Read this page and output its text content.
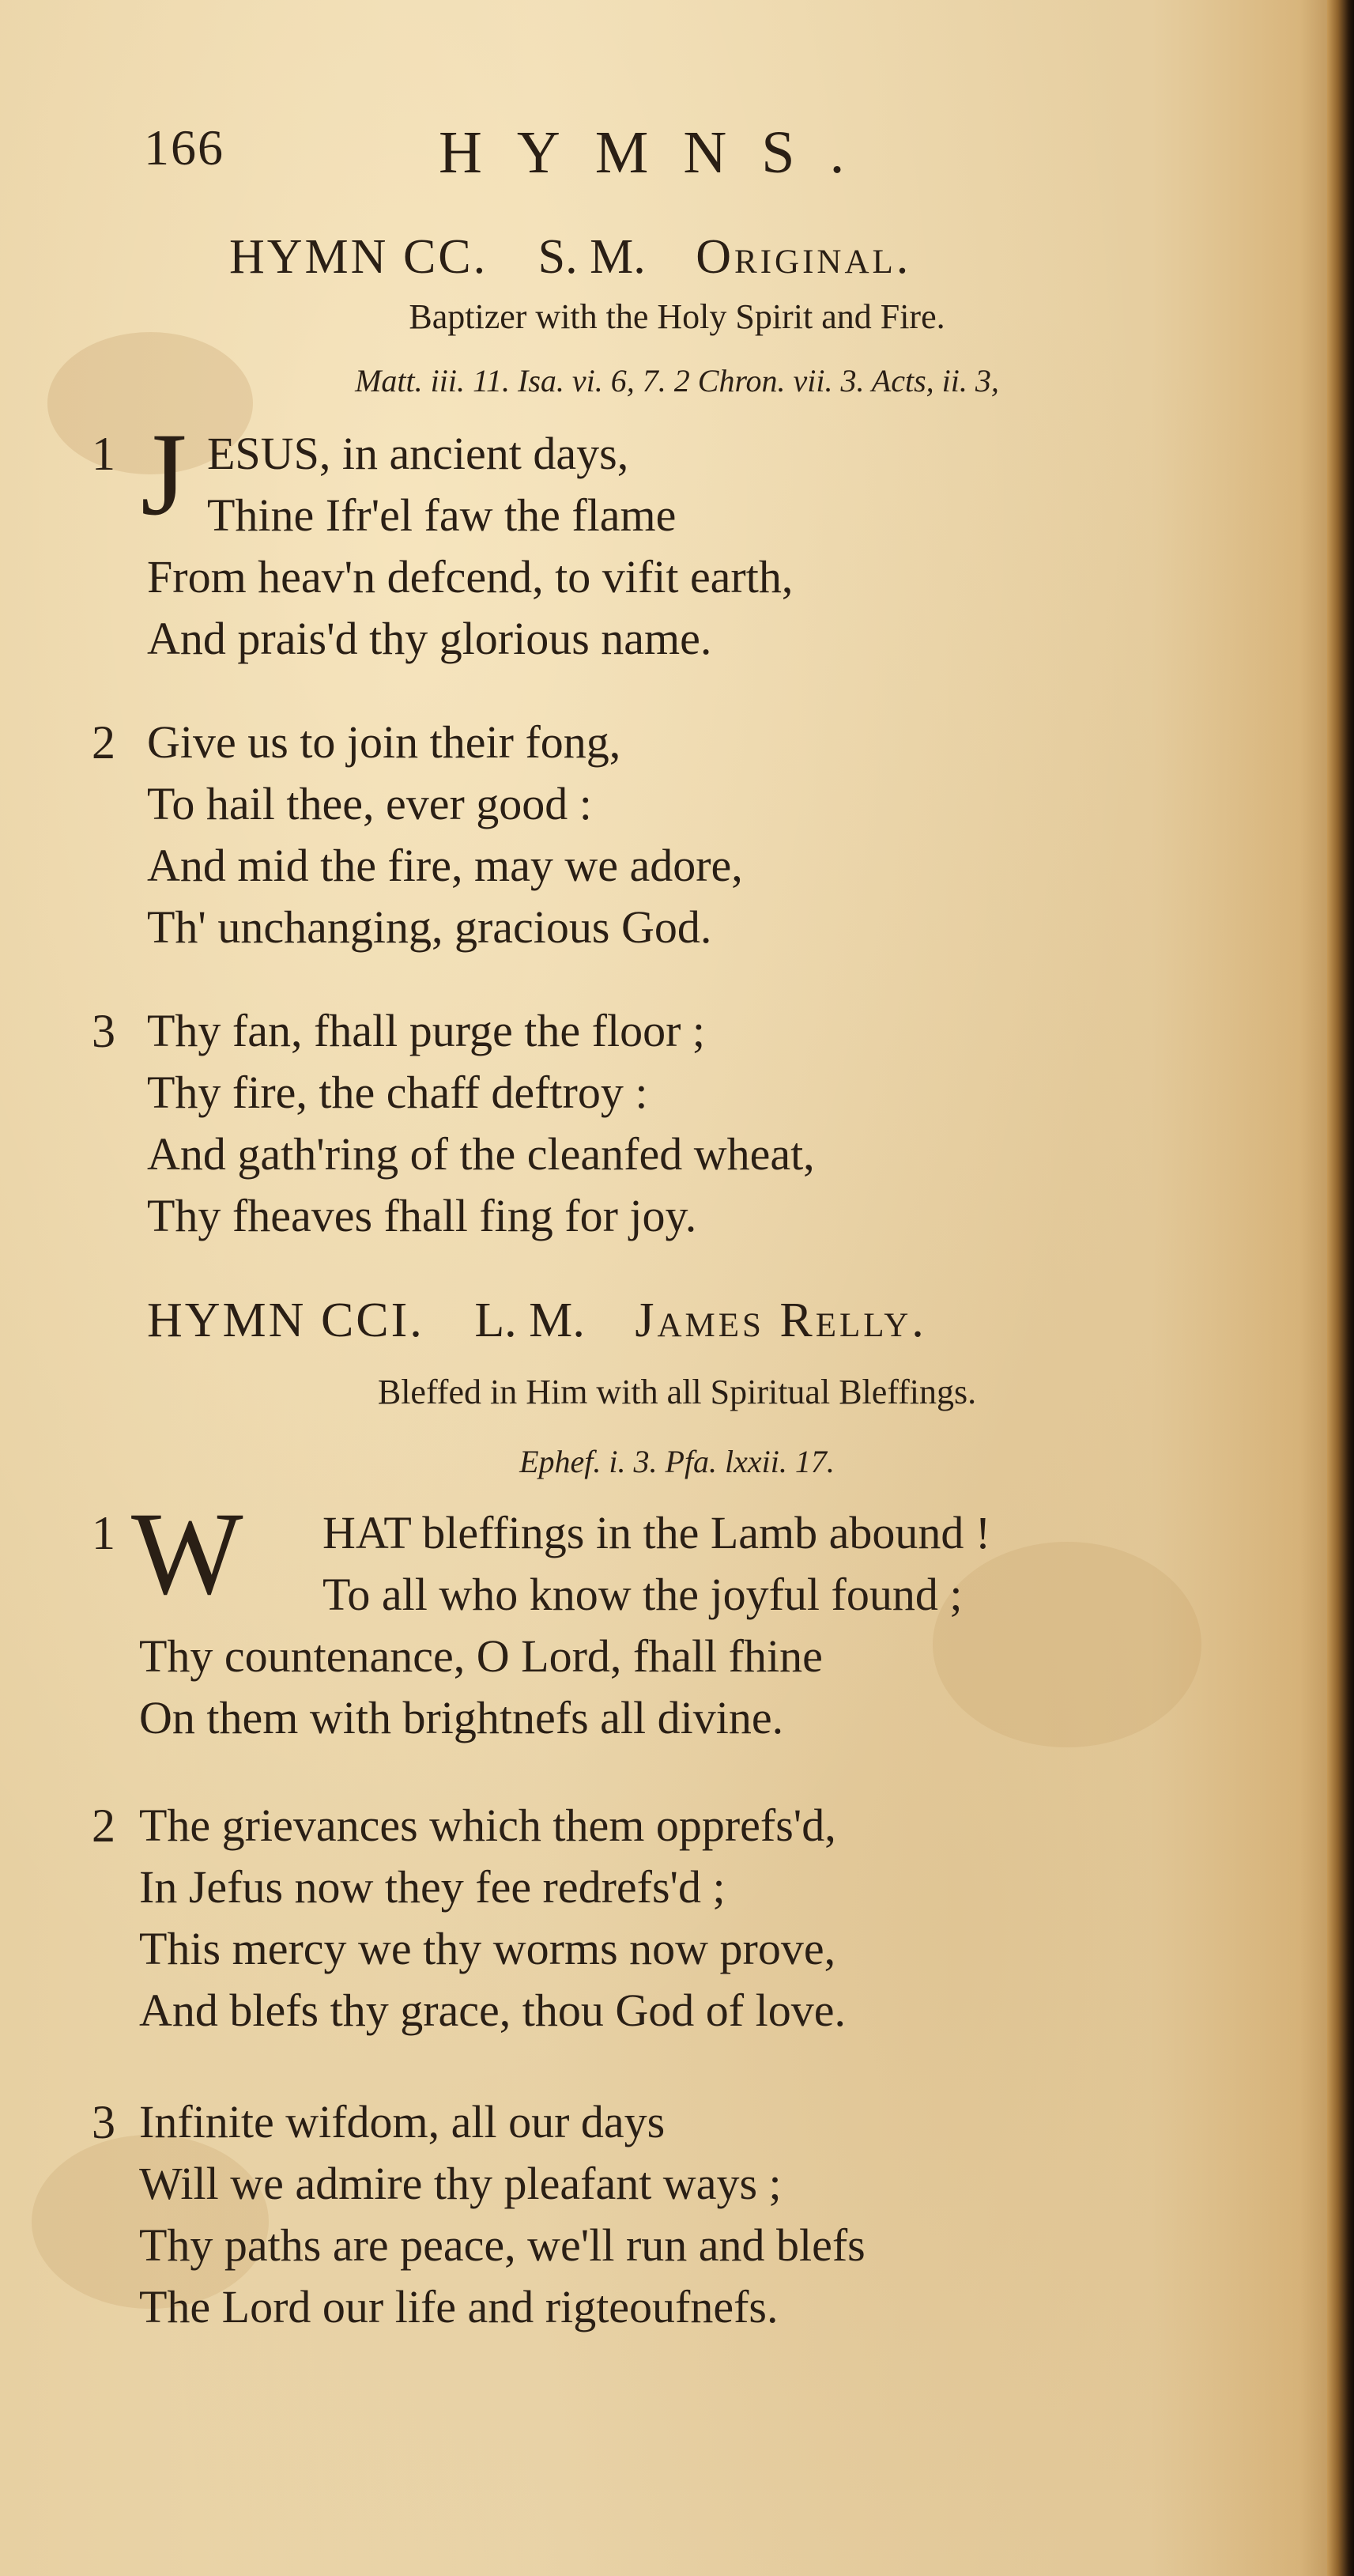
166	HYMNS.
HYMN CC. S. M. Original.
Baptizer with the Holy Spirit and Fire.
Matt. iii. 11. Isa. vi. 6, 7. 2 Chron. vii. 3. Acts, ii. 3,
1 J ESUS, in ancient days,
Thine Ifr'el faw the flame
From heav'n defcend, to vifit earth,
And prais'd thy glorious name.
2 Give us to join their fong,
To hail thee, ever good :
And mid the fire, may we adore,
Th' unchanging, gracious God.
3 Thy fan, fhall purge the floor ;
Thy fire, the chaff deftroy :
And gath'ring of the cleanfed wheat,
Thy fheaves fhall fing for joy.
HYMN CCI. L. M. James Relly.
Bleffed in Him with all Spiritual Bleffings.
Ephef. i. 3. Pfa. lxxii. 17.
1 W HAT bleffings in the Lamb abound !
To all who know the joyful found ;
Thy countenance, O Lord, fhall fhine
On them with brightnefs all divine.
2 The grievances which them opprefs'd,
In Jefus now they fee redrefs'd ;
This mercy we thy worms now prove,
And blefs thy grace, thou God of love.
3 Infinite wifdom, all our days
Will we admire thy pleafant ways ;
Thy paths are peace, we'll run and blefs
The Lord our life and rigteoufnefs.
